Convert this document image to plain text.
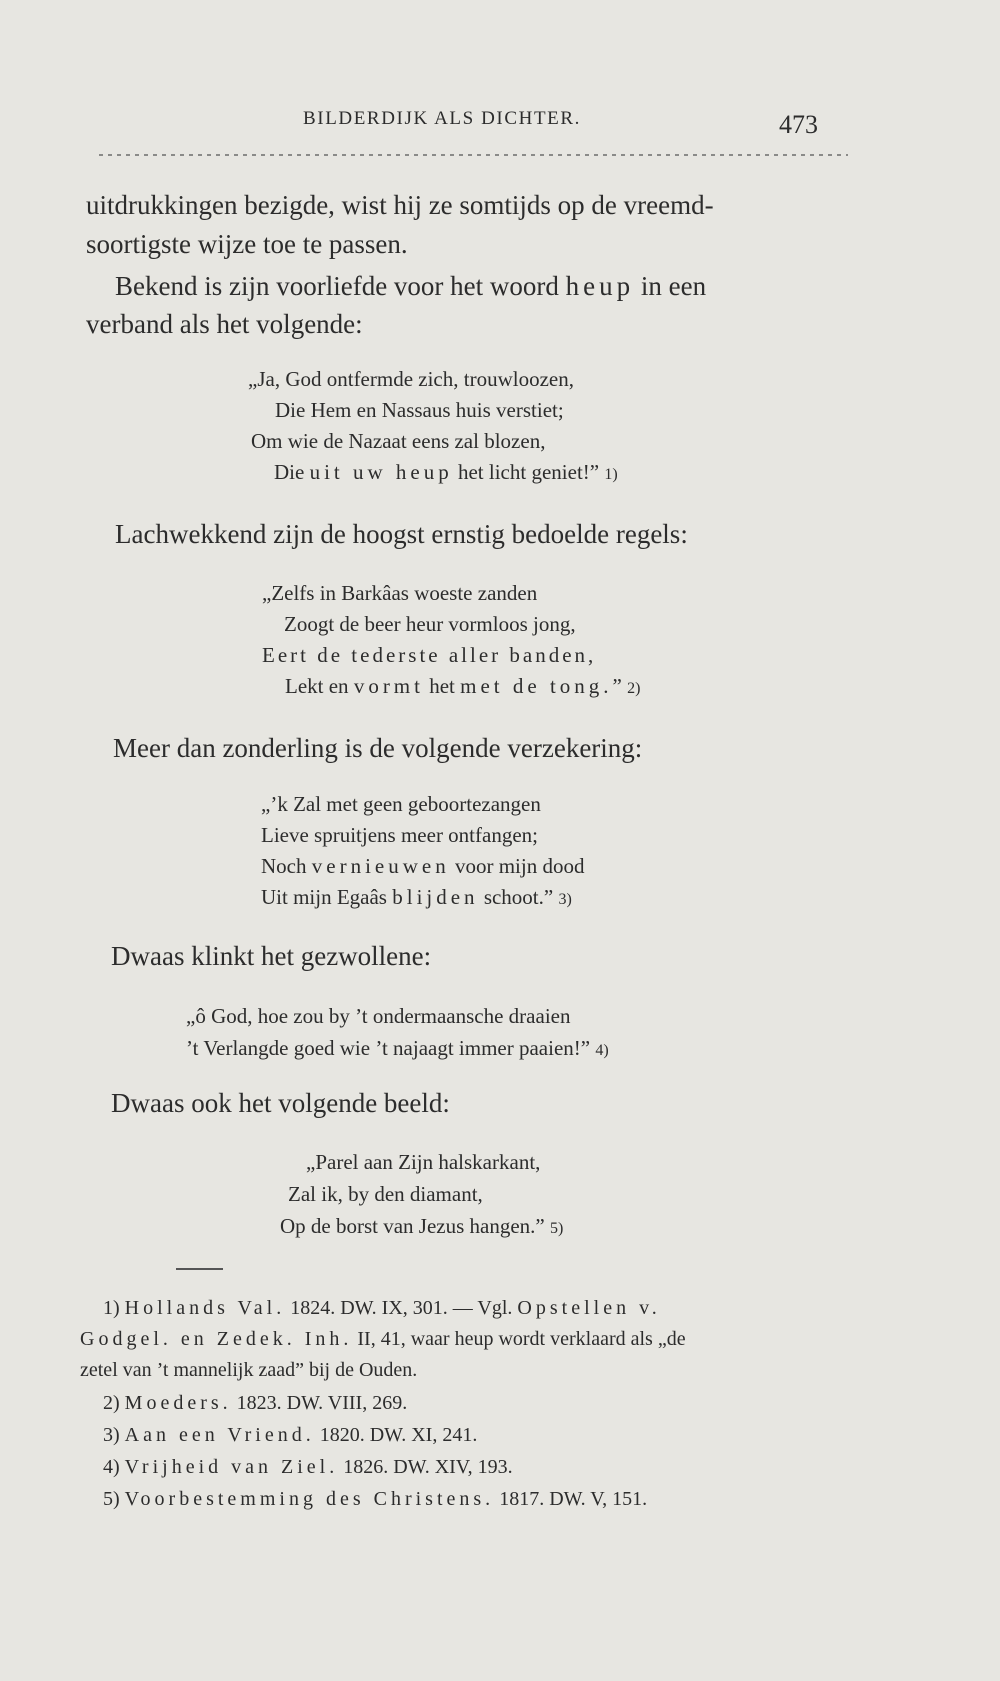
BILDERDIJK ALS DICHTER.	473
uitdrukkingen bezigde, wist hij ze somtijds op de vreemd-
soortigste wijze toe te passen.
Bekend is zijn voorliefde voor het woord heup in een
verband als het volgende:
„Ja, God ontfermde zich, trouwloozen,
Die Hem en Nassaus huis verstiet;
Om wie de Nazaat eens zal blozen,
Die uit uw heup het licht geniet!” 1)
Lachwekkend zijn de hoogst ernstig bedoelde regels:
„Zelfs in Barkâas woeste zanden
Zoogt de beer heur vormloos jong,
Eert de tederste aller banden,
Lekt en vormt het met de tong.” 2)
Meer dan zonderling is de volgende verzekering:
„’k Zal met geen geboortezangen
Lieve spruitjens meer ontfangen;
Noch vernieuwen voor mijn dood
Uit mijn Egaâs blijden schoot.” 3)
Dwaas klinkt het gezwollene:
„ô God, hoe zou by ’t ondermaansche draaien
’t Verlangde goed wie ’t najaagt immer paaien!” 4)
Dwaas ook het volgende beeld:
„Parel aan Zijn halskarkant,
Zal ik, by den diamant,
Op de borst van Jezus hangen.” 5)
1) Hollands Val. 1824. DW. IX, 301. — Vgl. Opstellen v.
Godgel. en Zedek. Inh. II, 41, waar heup wordt verklaard als „de
zetel van ’t mannelijk zaad” bij de Ouden.
2) Moeders. 1823. DW. VIII, 269.
3) Aan een Vriend. 1820. DW. XI, 241.
4) Vrijheid van Ziel. 1826. DW. XIV, 193.
5) Voorbestemming des Christens. 1817. DW. V, 151.
